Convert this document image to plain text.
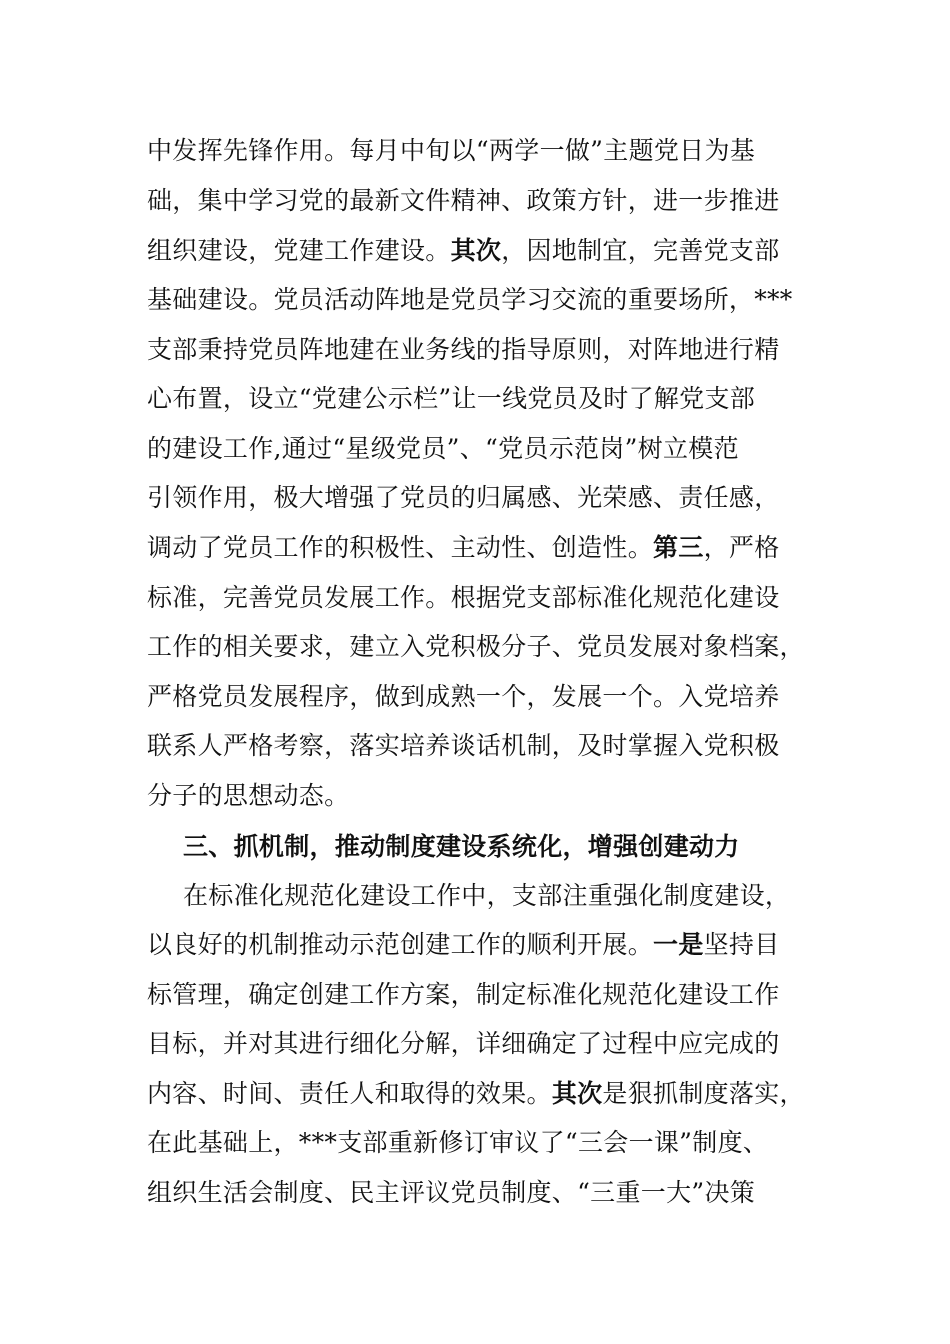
中发挥先锋作用。每月中旬以“两学一做”主题党日为基
础，集中学习党的最新文件精神、政策方针，进一步推进
组织建设，党建工作建设。其次，因地制宜，完善党支部
基础建设。党员活动阵地是党员学习交流的重要场所，***
支部秉持党员阵地建在业务线的指导原则，对阵地进行精
心布置，设立“党建公示栏”让一线党员及时了解党支部
的建设工作,通过“星级党员”、“党员示范岗”树立模范
引领作用，极大增强了党员的归属感、光荣感、责任感，
调动了党员工作的积极性、主动性、创造性。第三，严格
标准，完善党员发展工作。根据党支部标准化规范化建设
工作的相关要求，建立入党积极分子、党员发展对象档案，
严格党员发展程序，做到成熟一个，发展一个。入党培养
联系人严格考察，落实培养谈话机制，及时掌握入党积极
分子的思想动态。
三、抓机制，推动制度建设系统化，增强创建动力
在标准化规范化建设工作中，支部注重强化制度建设，
以良好的机制推动示范创建工作的顺利开展。一是坚持目
标管理，确定创建工作方案，制定标准化规范化建设工作
目标，并对其进行细化分解，详细确定了过程中应完成的
内容、时间、责任人和取得的效果。其次是狠抓制度落实，
在此基础上，***支部重新修订审议了“三会一课”制度、
组织生活会制度、民主评议党员制度、“三重一大”决策
